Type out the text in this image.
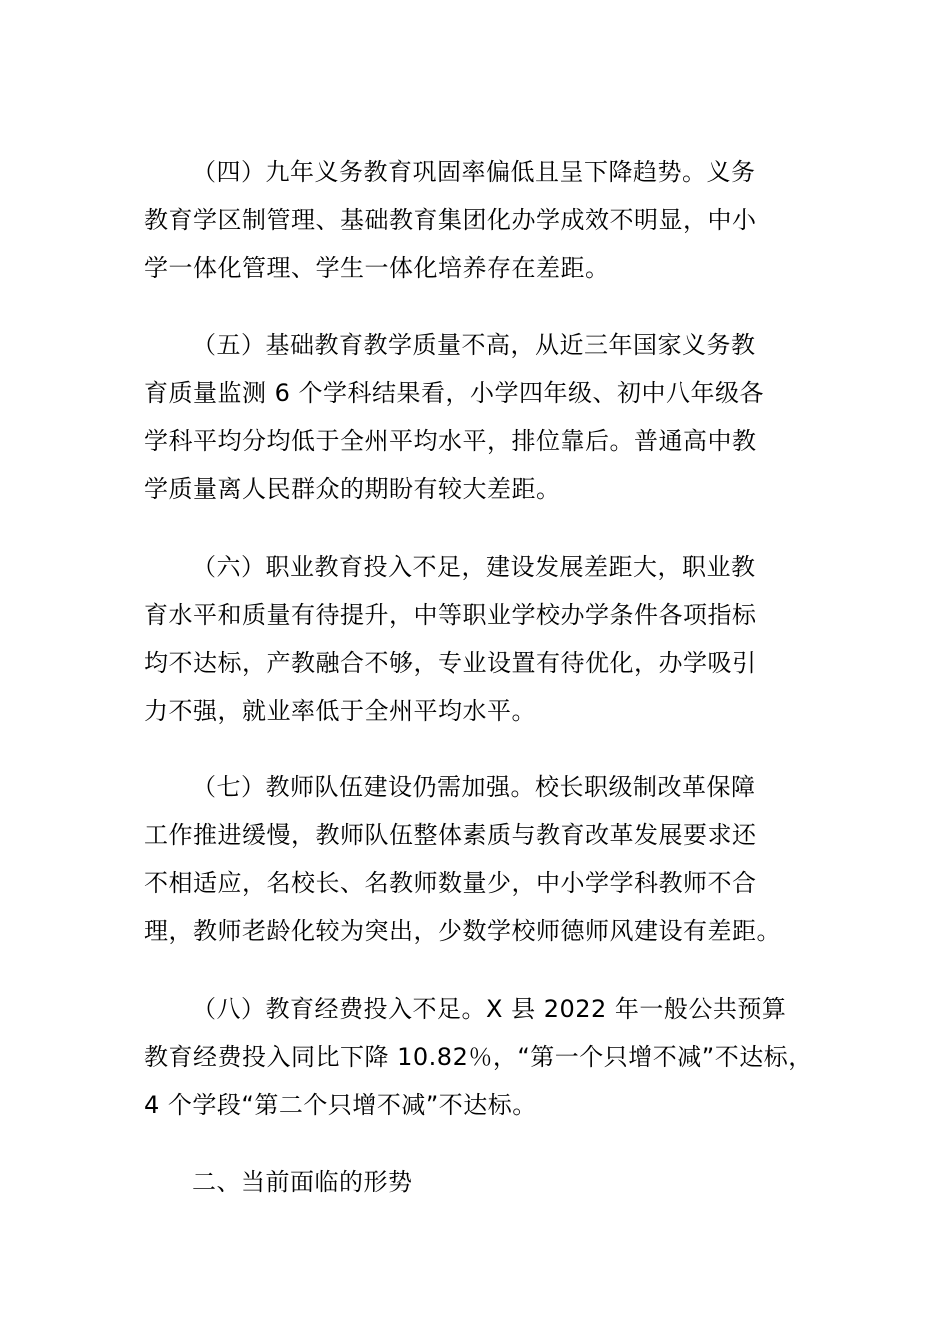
（四）九年义务教育巩固率偏低且呈下降趋势。义务
教育学区制管理、基础教育集团化办学成效不明显，中小
学一体化管理、学生一体化培养存在差距。
（五）基础教育教学质量不高，从近三年国家义务教
育质量监测 6 个学科结果看，小学四年级、初中八年级各
学科平均分均低于全州平均水平，排位靠后。普通高中教
学质量离人民群众的期盼有较大差距。
（六）职业教育投入不足，建设发展差距大，职业教
育水平和质量有待提升，中等职业学校办学条件各项指标
均不达标，产教融合不够，专业设置有待优化，办学吸引
力不强，就业率低于全州平均水平。
（七）教师队伍建设仍需加强。校长职级制改革保障
工作推进缓慢，教师队伍整体素质与教育改革发展要求还
不相适应，名校长、名教师数量少，中小学学科教师不合
理，教师老龄化较为突出，少数学校师德师风建设有差距。
（八）教育经费投入不足。X 县 2022 年一般公共预算
教育经费投入同比下降 10.82％，“第一个只增不减”不达标，
4 个学段“第二个只增不减”不达标。
二、当前面临的形势
